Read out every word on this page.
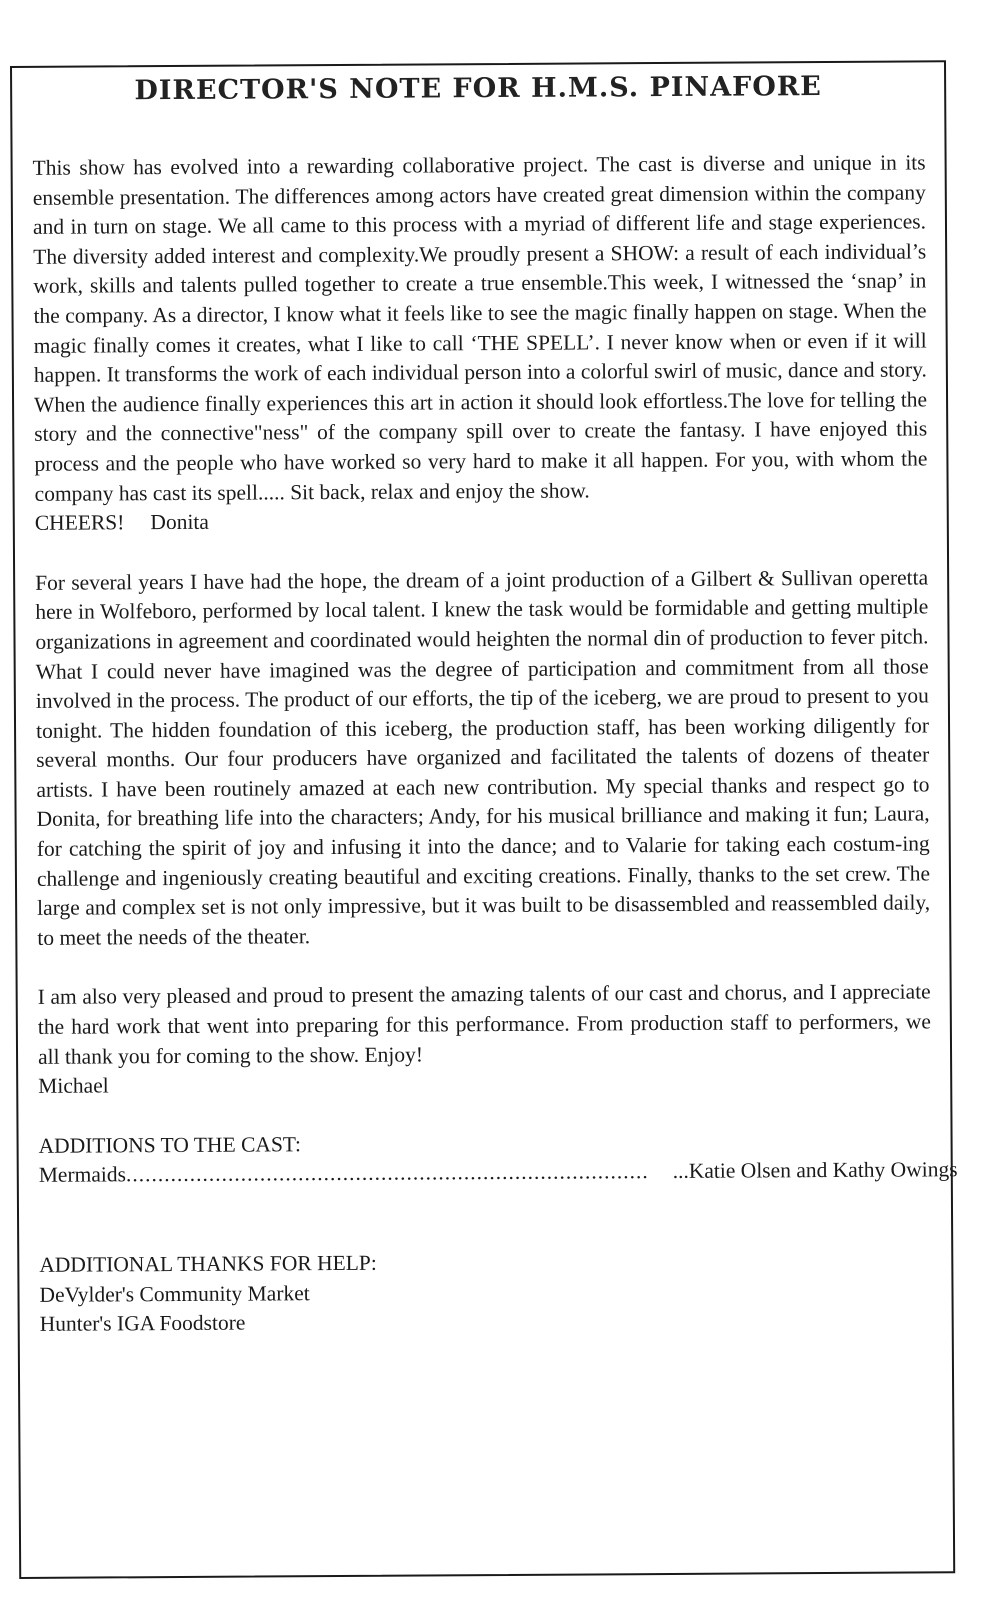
DIRECTOR'S NOTE FOR H.M.S. PINAFORE

This show has evolved into a rewarding collaborative project. The cast is diverse and unique in its ensemble presentation. The differences among actors have created great dimension within the company and in turn on stage. We all came to this process with a myriad of different life and stage experiences. The diversity added interest and complexity.We proudly present a SHOW: a result of each individual’s work, skills and talents pulled together to create a true ensemble.This week, I witnessed the ‘snap’ in the company. As a director, I know what it feels like to see the magic finally happen on stage. When the magic finally comes it creates, what I like to call ‘THE SPELL’. I never know when or even if it will happen. It transforms the work of each individual person into a colorful swirl of music, dance and story. When the audience finally experiences this art in action it should look effortless.The love for telling the story and the connective"ness" of the company spill over to create the fantasy. I have enjoyed this process and the people who have worked so very hard to make it all happen. For you, with whom the company has cast its spell..... Sit back, relax and enjoy the show.
CHEERS! Donita

For several years I have had the hope, the dream of a joint production of a Gilbert & Sullivan operetta here in Wolfeboro, performed by local talent. I knew the task would be formidable and getting multiple organizations in agreement and coordinated would heighten the normal din of production to fever pitch. What I could never have imagined was the degree of participation and commitment from all those involved in the process. The product of our efforts, the tip of the iceberg, we are proud to present to you tonight. The hidden foundation of this iceberg, the production staff, has been working diligently for several months. Our four producers have organized and facilitated the talents of dozens of theater artists. I have been routinely amazed at each new contribution. My special thanks and respect go to Donita, for breathing life into the characters; Andy, for his musical brilliance and making it fun; Laura, for catching the spirit of joy and infusing it into the dance; and to Valarie for taking each costum-ing challenge and ingeniously creating beautiful and exciting creations. Finally, thanks to the set crew. The large and complex set is not only impressive, but it was built to be disassembled and reassembled daily, to meet the needs of the theater.

I am also very pleased and proud to present the amazing talents of our cast and chorus, and I appreciate the hard work that went into preparing for this performance. From production staff to performers, we all thank you for coming to the show. Enjoy!
Michael

ADDITIONS TO THE CAST:

Mermaids .................................................................................. ...Katie Olsen and Kathy Owings

ADDITIONAL THANKS FOR HELP:

DeVylder's Community Market

Hunter's IGA Foodstore
